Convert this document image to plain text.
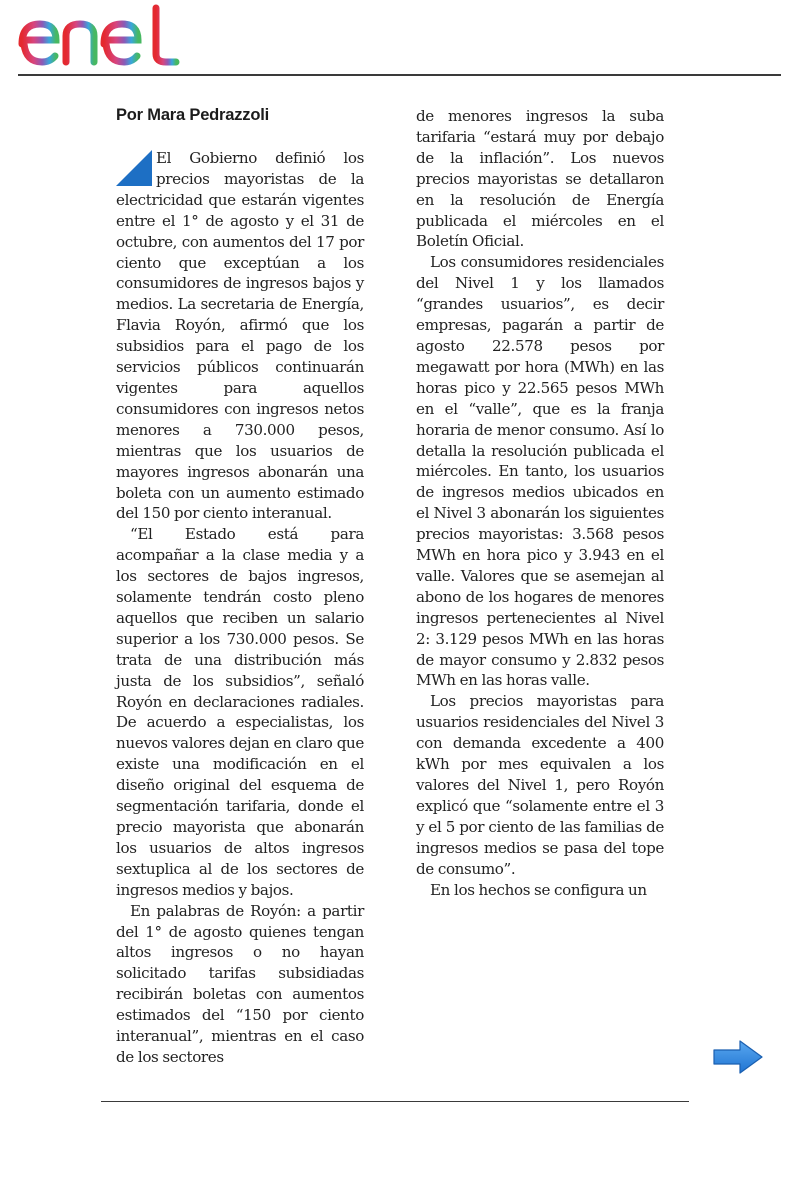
Por Mara Pedrazzoli

El Gobierno definió los precios mayoristas de la electricidad que estarán vigentes entre el 1° de agosto y el 31 de octubre, con aumentos del 17 por ciento que exceptúan a los consumidores de ingresos bajos y medios. La secretaria de Energía, Flavia Royón, afirmó que los subsidios para el pago de los servicios públicos continuarán vigentes para aquellos consumidores con ingresos netos menores a 730.000 pesos, mientras que los usuarios de mayores ingresos abonarán una boleta con un aumento estimado del 150 por ciento interanual.

“El Estado está para acompañar a la clase media y a los sectores de bajos ingresos, solamente tendrán costo pleno aquellos que reciben un salario superior a los 730.000 pesos. Se trata de una distribución más justa de los subsidios”, señaló Royón en declaraciones radiales. De acuerdo a especialistas, los nuevos valores dejan en claro que existe una modificación en el diseño original del esquema de segmentación tarifaria, donde el precio mayorista que abonarán los usuarios de altos ingresos sextuplica al de los sectores de ingresos medios y bajos.

En palabras de Royón: a partir del 1° de agosto quienes tengan altos ingresos o no hayan solicitado tarifas subsidiadas recibirán boletas con aumentos estimados del “150 por ciento interanual”, mientras en el caso de los sectores

de menores ingresos la suba tarifaria “estará muy por debajo de la inflación”. Los nuevos precios mayoristas se detallaron en la resolución de Energía publicada el miércoles en el Boletín Oficial.

Los consumidores residenciales del Nivel 1 y los llamados “grandes usuarios”, es decir empresas, pagarán a partir de agosto 22.578 pesos por megawatt por hora (MWh) en las horas pico y 22.565 pesos MWh en el “valle”, que es la franja horaria de menor consumo. Así lo detalla la resolución publicada el miércoles. En tanto, los usuarios de ingresos medios ubicados en el Nivel 3 abonarán los siguientes precios mayoristas: 3.568 pesos MWh en hora pico y 3.943 en el valle. Valores que se asemejan al abono de los hogares de menores ingresos pertenecientes al Nivel 2: 3.129 pesos MWh en las horas de mayor consumo y 2.832 pesos MWh en las horas valle.

Los precios mayoristas para usuarios residenciales del Nivel 3 con demanda excedente a 400 kWh por mes equivalen a los valores del Nivel 1, pero Royón explicó que “solamente entre el 3 y el 5 por ciento de las familias de ingresos medios se pasa del tope de consumo”.

En los hechos se configura un
